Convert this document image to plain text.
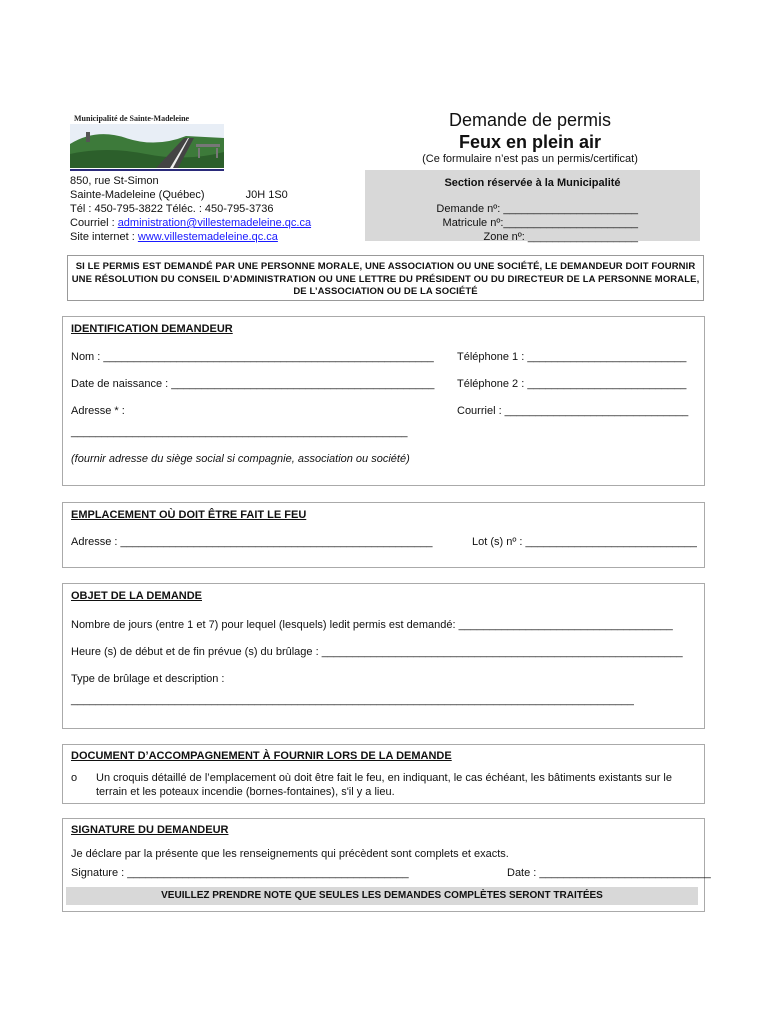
Municipalité de Sainte-Madeleine	Demande de permis
Feux en plein air
(Ce formulaire n’est pas un permis/certificat)
850, rue St-Simon
Sainte-Madeleine (Québec)	J0H 1S0
Tél : 450-795-3822 Téléc. : 450-795-3736
Courriel : administration@villestemadeleine.qc.ca
Site internet : www.villestemadeleine.qc.ca
Section réservée à la Municipalité
Demande nº: ______________________
Matricule nº:______________________
Zone nº: __________________
SI LE PERMIS EST DEMANDÉ PAR UNE PERSONNE MORALE, UNE ASSOCIATION OU UNE SOCIÉTÉ, LE DEMANDEUR DOIT FOURNIR UNE RÉSOLUTION DU CONSEIL D’ADMINISTRATION OU UNE LETTRE DU PRÉSIDENT OU DU DIRECTEUR DE LA PERSONNE MORALE, DE L’ASSOCIATION OU DE LA SOCIÉTÉ
IDENTIFICATION DEMANDEUR
Nom : ______________________________________________________ Téléphone 1 : __________________________
Date de naissance : ___________________________________________ Téléphone 2 : __________________________
Adresse * :	Courriel : ______________________________
_______________________________________________________
(fournir adresse du siège social si compagnie, association ou société)
EMPLACEMENT OÙ DOIT ÊTRE FAIT LE FEU
Adresse : ___________________________________________________	Lot (s) nº : ____________________________
OBJET DE LA DEMANDE
Nombre de jours (entre 1 et 7) pour lequel (lesquels) ledit permis est demandé: ___________________________________
Heure (s) de début et de fin prévue (s) du brûlage : ___________________________________________________________
Type de brûlage et description :
____________________________________________________________________________________________
DOCUMENT D’ACCOMPAGNEMENT À FOURNIR LORS DE LA DEMANDE
o Un croquis détaillé de l’emplacement où doit être fait le feu, en indiquant, le cas échéant, les bâtiments existants sur le
terrain et les poteaux incendie (bornes-fontaines), s'il y a lieu.
SIGNATURE DU DEMANDEUR
Je déclare par la présente que les renseignements qui précèdent sont complets et exacts.
Signature : ______________________________________________	Date : ____________________________
VEUILLEZ PRENDRE NOTE QUE SEULES LES DEMANDES COMPLÈTES SERONT TRAITÉES
